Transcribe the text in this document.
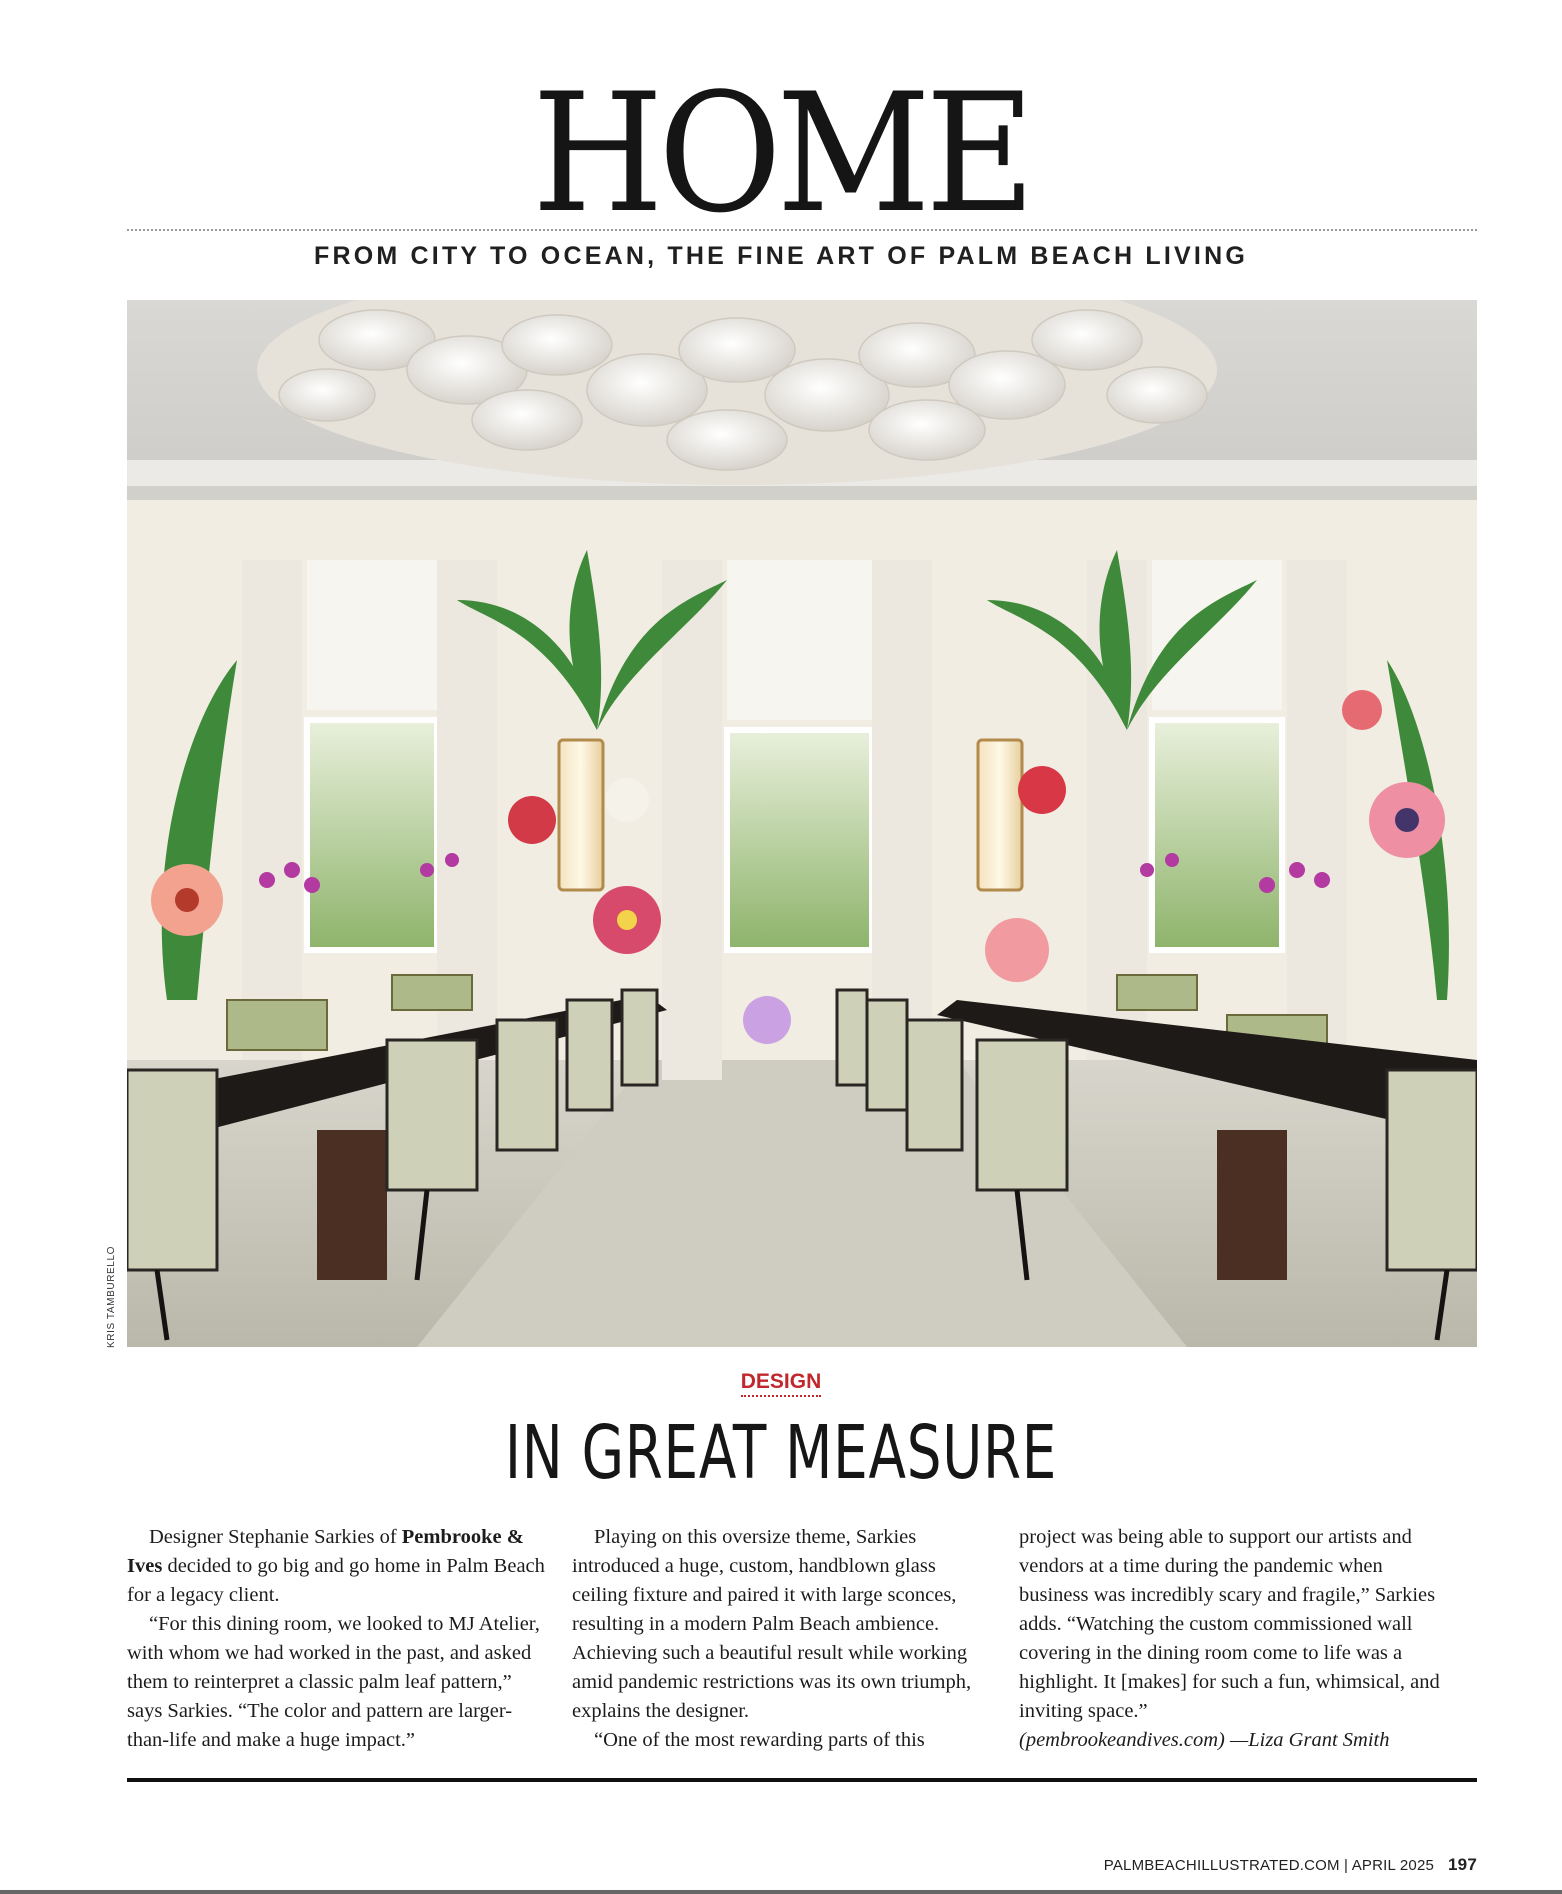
HOME
FROM CITY TO OCEAN, THE FINE ART OF PALM BEACH LIVING
KRIS TAMBURELLO
DESIGN
IN GREAT MEASURE

Designer Stephanie Sarkies of Pembrooke & Ives decided to go big and go home in Palm Beach for a legacy client.

“For this dining room, we looked to MJ Atelier, with whom we had worked in the past, and asked them to reinterpret a classic palm leaf pattern,” says Sarkies. “The color and pattern are larger-than-life and make a huge impact.”

Playing on this oversize theme, Sarkies introduced a huge, custom, handblown glass ceiling fixture and paired it with large sconces, resulting in a modern Palm Beach ambience. Achieving such a beautiful result while working amid pandemic restrictions was its own triumph, explains the designer.

“One of the most rewarding parts of this

project was being able to support our artists and vendors at a time during the pandemic when business was incredibly scary and fragile,” Sarkies adds. “Watching the custom commissioned wall covering in the dining room come to life was a highlight. It [makes] for such a fun, whimsical, and inviting space.”

(pembrookeandives.com) —Liza Grant Smith

PALMBEACHILLUSTRATED.COM | APRIL 2025 197
